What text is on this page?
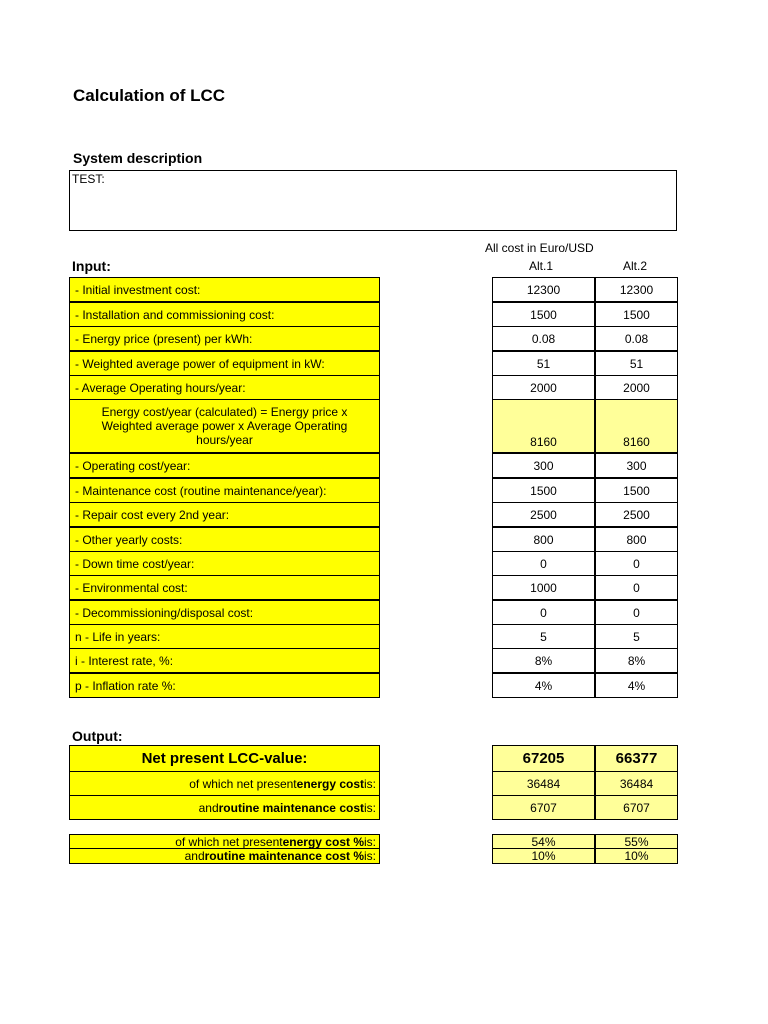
Calculation of LCC
System description
TEST:
All cost in Euro/USD
Input:	Alt.1	Alt.2
- Initial investment cost:	12300	12300
- Installation and commissioning cost:	1500	1500
- Energy price (present) per kWh:	0.08	0.08
- Weighted average power of equipment in kW:	51	51
- Average Operating hours/year:	2000	2000
Energy cost/year (calculated) = Energy price x Weighted average power x Average Operating hours/year	8160	8160
- Operating cost/year:	300	300
- Maintenance cost (routine maintenance/year):	1500	1500
- Repair cost every 2nd year:	2500	2500
- Other yearly costs:	800	800
- Down time cost/year:	0	0
- Environmental cost:	1000	0
- Decommissioning/disposal cost:	0	0
n - Life in years:	5	5
i - Interest rate, %:	8%	8%
p - Inflation rate %:	4%	4%
Output:
Net present LCC-value:	67205	66377
of which net present energy cost is:	36484	36484
and routine maintenance cost is:	6707	6707
of which net present energy cost % is:	54%	55%
and routine maintenance cost % is:	10%	10%
